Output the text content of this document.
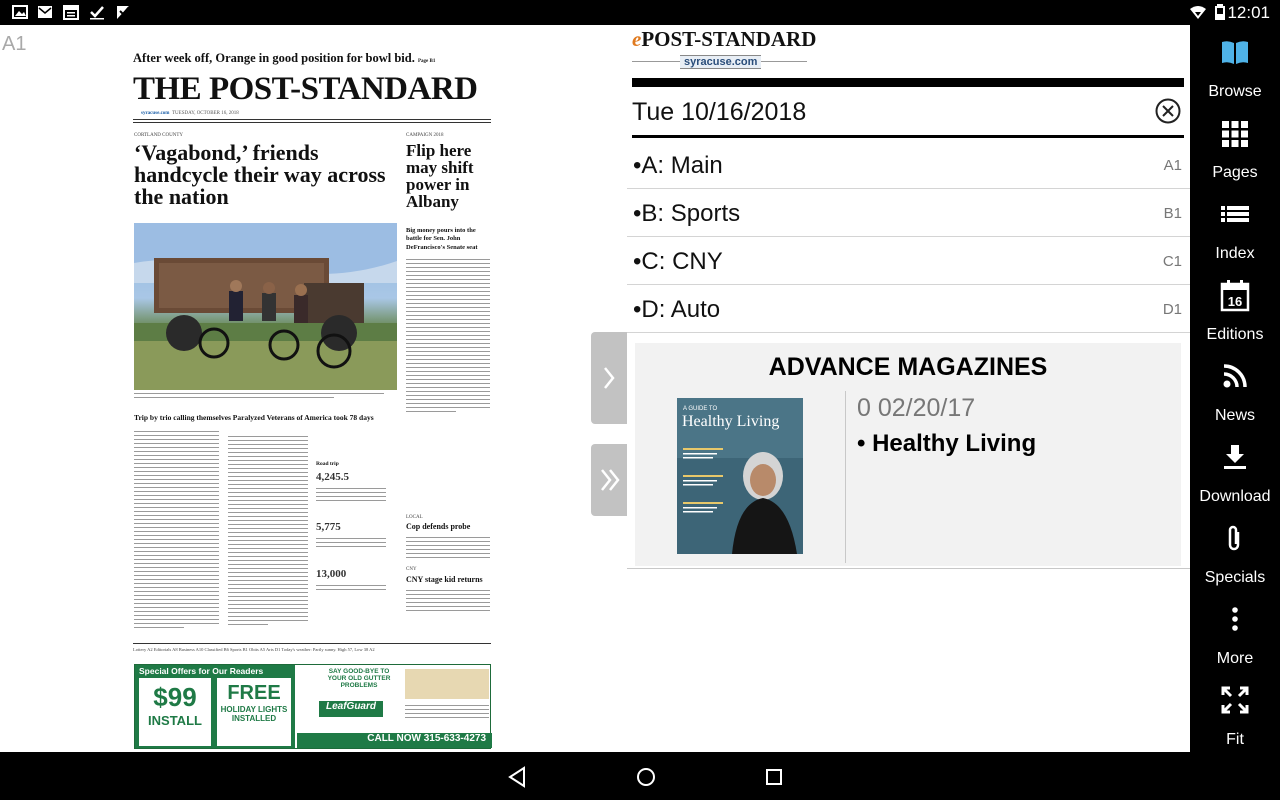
12:01
A1
After week off, Orange in good position for bowl bid. Page B1
THE POST-STANDARD
syracuse.com TUESDAY, OCTOBER 16, 2018
CORTLAND COUNTY
‘Vagabond,’ friends handcycle their way across the nation
Trip by trio calling themselves Paralyzed Veterans of America took 78 days
Road trip
4,245.5
5,775
13,000
CAMPAIGN 2018
Flip here may shift power in Albany
Big money pours into the battle for Sen. John DeFrancisco's Senate seat
LOCAL
Cop defends probe
CNY
CNY stage kid returns
Lottery A2 Editorials A8 Business A10 Classified B6 Sports B1 Obits A5 Arts D1 Today's weather: Partly sunny. High 57, Low 38 A2
Special Offers for Our Readers
$99
INSTALL
FREE
HOLIDAY LIGHTS INSTALLED
SAY GOOD-BYE TO YOUR OLD GUTTER PROBLEMS
LeafGuard
CALL NOW 315-633-4273
ePOST-STANDARD
syracuse.com
Tue 10/16/2018
•A: Main	A1
•B: Sports	B1
•C: CNY	C1
•D: Auto	D1
ADVANCE MAGAZINES
A GUIDE TO
Healthy Living	0 02/20/17
• Healthy Living
Browse
Pages
Index
16
Editions
News
Download
Specials
More
Fit
